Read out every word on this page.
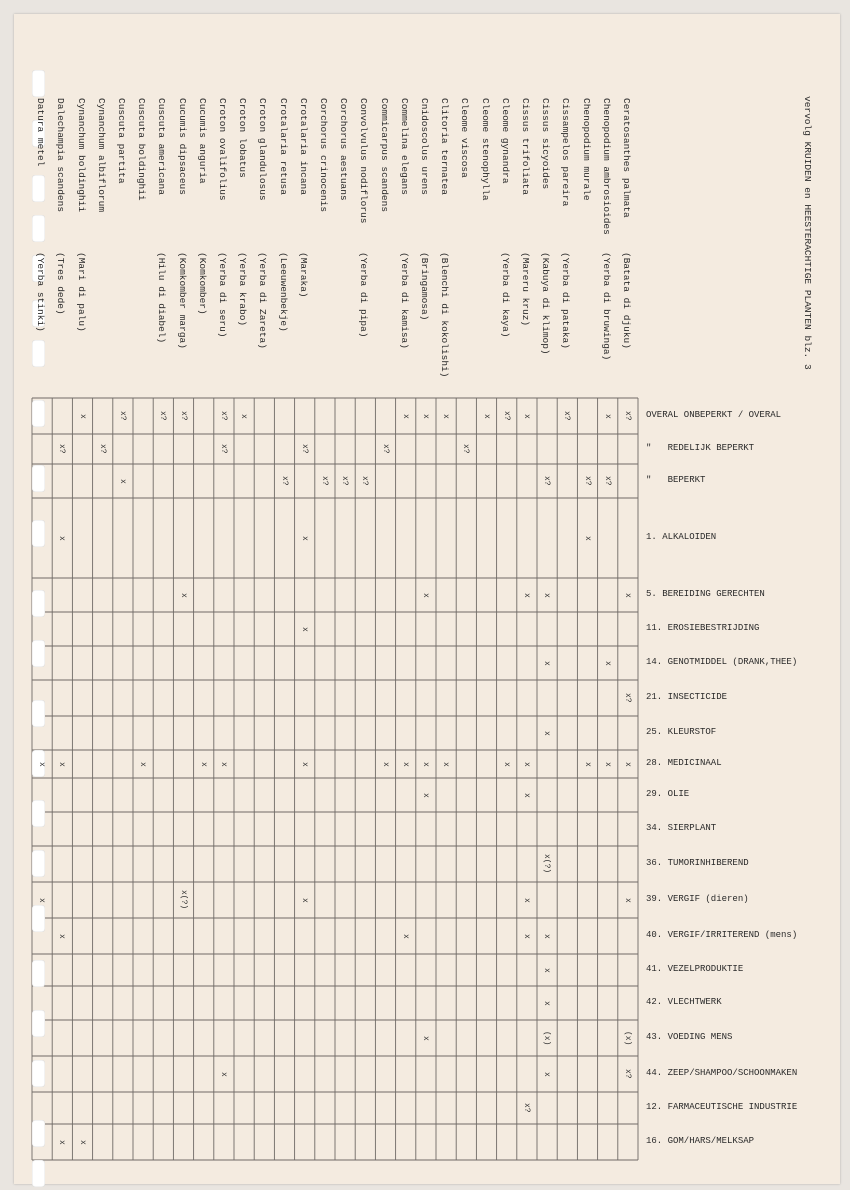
Ceratosanthes palmata
(Batata di djuku)
Chenopodium ambrosioides
(Yerba di bruwinga)
Chenopodium murale
Cissampelos pareira
(Yerba di pataka)
Cissus sicyoides
(Kabuya di klimop)
Cissus trifoliata
(Mareru kruz)
Cleome gynandra
(Yerba di kaya)
Cleome stenophylla
Cleome viscosa
Clitoria ternatea
(Blenchi di kokolishi)
Cnidoscolus urens
(Bringamosa)
Commelina elegans
(Yerba di kamisa)
Commicarpus scandens
Convolvulus nodiflorus
(Yerba di pipa)
Corchorus aestuans
Corchorus crinocenis
Crotalaria incana
(Maraka)
Crotalaria retusa
(Leeuwenbekje)
Croton glandulosus
(Yerba di Zareta)
Croton lobatus
(Yerba krabo)
Croton ovalifolius
(Yerba di seru)
Cucumis anguria
(Komkomber)
Cucumis dipsaceus
(Komkomber marga)
Cuscuta americana
(Hilu di diabel)
Cuscuta boldinghii
Cuscuta partita
Cynanchum albiflorum
Cynanchum boldinghii
(Mari di palu)
Dalechampia scandens
(Tres dede)
Datura metel
(Yerba stinki)
OVERAL ONBEPERKT / OVERAL
"   REDELIJK BEPERKT
"   BEPERKT
1. ALKALOIDEN
5. BEREIDING GERECHTEN
11. EROSIEBESTRIJDING
14. GENOTMIDDEL (DRANK,THEE)
21. INSECTICIDE
25. KLEURSTOF
28. MEDICINAAL
29. OLIE
34. SIERPLANT
36. TUMORINHIBEREND
39. VERGIF (dieren)
40. VERGIF/IRRITEREND (mens)
41. VEZELPRODUKTIE
42. VLECHTWERK
43. VOEDING MENS
44. ZEEP/SHAMPOO/SCHOONMAKEN
12. FARMACEUTISCHE INDUSTRIE
16. GOM/HARS/MELKSAP
x?
x
x?
x
x?
x
x
x
x
x
x?
x?
x?
x?
x
x?
x?
x?
x?
x?
x?
x?
x?
x?
x?
x?
x?
x?
x
x
x
x
x
x
x
x
x
x
x
x
x?
x
x
x
x
x
x
x
x
x
x
x
x
x
x
x
x
x
x
x(?)
x
x
x
x(?)
x
x
x
x
x
x
x
(x)
(x)
x
x?
x
x
x?
x
x
vervolg KRUIDEN en HEESTERACHTIGE PLANTEN blz. 3
